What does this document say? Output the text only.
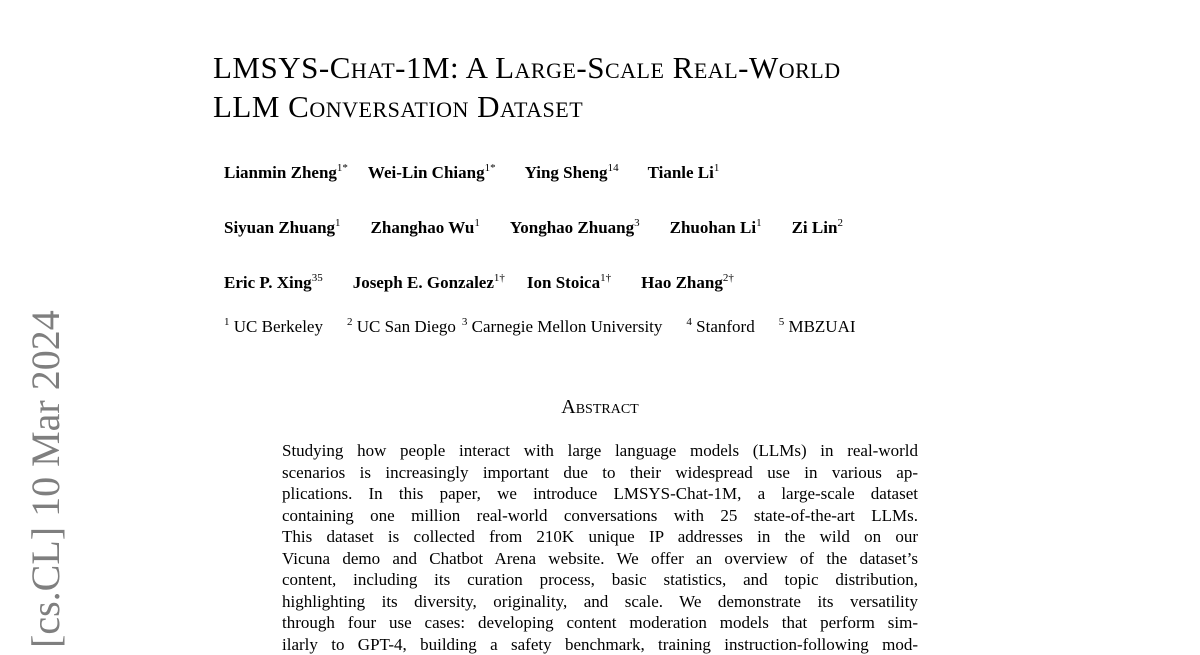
[cs.CL] 10 Mar 2024
LMSYS-Chat-1M: A Large-Scale Real-World
LLM Conversation Dataset
Lianmin Zheng$^{1*}$ Wei-Lin Chiang$^{1*}$ Ying Sheng$^{14}$ Tianle Li$^1$
Siyuan Zhuang$^1$ Zhanghao Wu$^1$ Yonghao Zhuang$^3$ Zhuohan Li$^1$ Zi Lin$^2$
Eric P. Xing$^{35}$ Joseph E. Gonzalez$^{1\dagger}$ Ion Stoica$^{1\dagger}$ Hao Zhang$^{2\dagger}$
$^1$ UC Berkeley $^2$ UC San Diego $^3$ Carnegie Mellon University $^4$ Stanford $^5$ MBZUAI
Abstract
Studying how people interact with large language models (LLMs) in real-world
scenarios is increasingly important due to their widespread use in various ap-
plications. In this paper, we introduce LMSYS-Chat-1M, a large-scale dataset
containing one million real-world conversations with 25 state-of-the-art LLMs.
This dataset is collected from 210K unique IP addresses in the wild on our
Vicuna demo and Chatbot Arena website. We offer an overview of the dataset’s
content, including its curation process, basic statistics, and topic distribution,
highlighting its diversity, originality, and scale. We demonstrate its versatility
through four use cases: developing content moderation models that perform sim-
ilarly to GPT-4, building a safety benchmark, training instruction-following mod-
